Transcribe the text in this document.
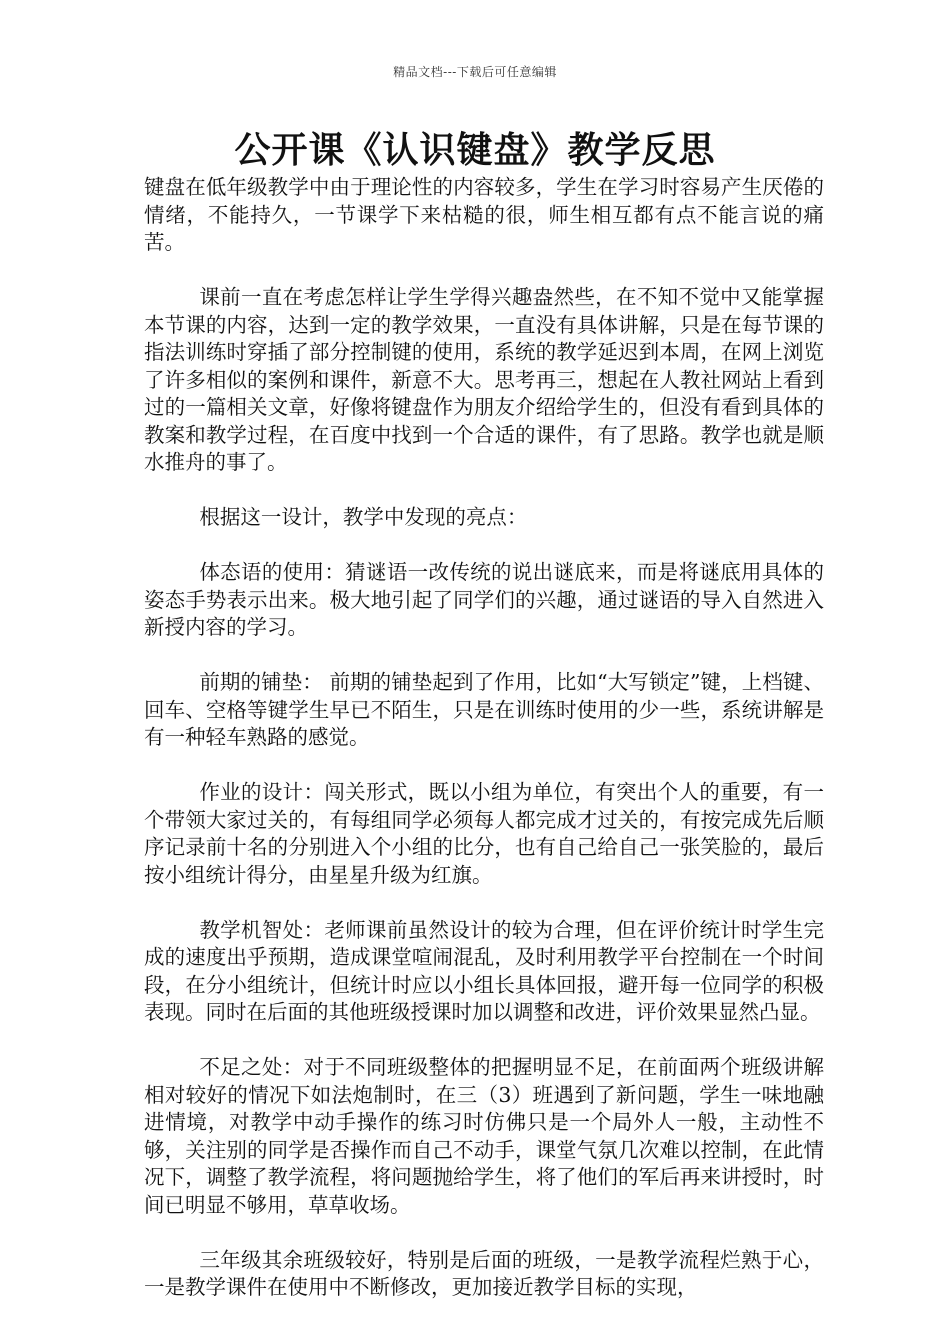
精品文档---下载后可任意编辑
公开课《认识键盘》教学反思

键盘在低年级教学中由于理论性的内容较多，学生在学习时容易产生厌倦的情绪，不能持久，一节课学下来枯糙的很，师生相互都有点不能言说的痛苦。

课前一直在考虑怎样让学生学得兴趣盎然些，在不知不觉中又能掌握本节课的内容，达到一定的教学效果，一直没有具体讲解，只是在每节课的指法训练时穿插了部分控制键的使用，系统的教学延迟到本周，在网上浏览了许多相似的案例和课件，新意不大。思考再三，想起在人教社网站上看到过的一篇相关文章，好像将键盘作为朋友介绍给学生的，但没有看到具体的教案和教学过程，在百度中找到一个合适的课件，有了思路。教学也就是顺水推舟的事了。

根据这一设计，教学中发现的亮点：

体态语的使用：猜谜语一改传统的说出谜底来，而是将谜底用具体的姿态手势表示出来。极大地引起了同学们的兴趣，通过谜语的导入自然进入新授内容的学习。

前期的铺垫： 前期的铺垫起到了作用，比如“大写锁定”键，上档键、回车、空格等键学生早已不陌生，只是在训练时使用的少一些，系统讲解是有一种轻车熟路的感觉。

作业的设计：闯关形式，既以小组为单位，有突出个人的重要，有一个带领大家过关的，有每组同学必须每人都完成才过关的，有按完成先后顺序记录前十名的分别进入个小组的比分，也有自己给自己一张笑脸的，最后按小组统计得分，由星星升级为红旗。

教学机智处：老师课前虽然设计的较为合理，但在评价统计时学生完成的速度出乎预期，造成课堂喧闹混乱，及时利用教学平台控制在一个时间段，在分小组统计，但统计时应以小组长具体回报，避开每一位同学的积极表现。同时在后面的其他班级授课时加以调整和改进，评价效果显然凸显。

不足之处：对于不同班级整体的把握明显不足，在前面两个班级讲解相对较好的情况下如法炮制时，在三（3）班遇到了新问题，学生一味地融进情境，对教学中动手操作的练习时仿佛只是一个局外人一般，主动性不够，关注别的同学是否操作而自己不动手，课堂气氛几次难以控制，在此情况下，调整了教学流程，将问题抛给学生，将了他们的军后再来讲授时，时间已明显不够用，草草收场。

三年级其余班级较好，特别是后面的班级，一是教学流程烂熟于心，一是教学课件在使用中不断修改，更加接近教学目标的实现，
